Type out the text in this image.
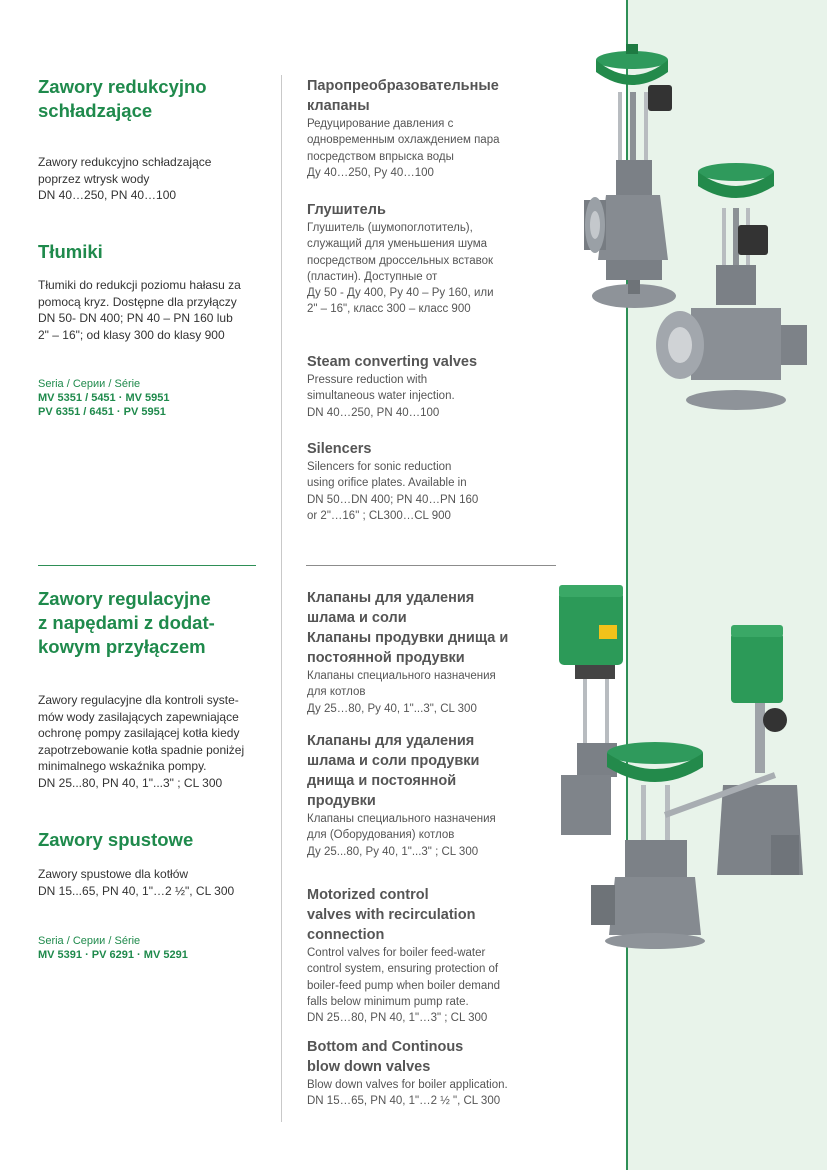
Zawory redukcyjno
schładzające

Zawory redukcyjno schładzające
poprzez wtrysk wody
DN 40…250, PN 40…100

Tłumiki

Tłumiki do redukcji poziomu hałasu za
pomocą kryz. Dostępne dla przyłączy
DN 50- DN 400; PN 40 – PN 160 lub
2" – 16"; od klasy 300 do klasy 900

Seria / Серии / Série

MV 5351 / 5451 · MV 5951
PV 6351 / 6451 · PV 5951

Zawory regulacyjne
z napędami z dodat-
kowym przyłączem

Zawory regulacyjne dla kontroli syste-
mów wody zasilających zapewniające
ochronę pompy zasilającej kotła kiedy
zapotrzebowanie kotła spadnie poniżej
minimalnego wskaźnika pompy.
DN 25...80, PN 40, 1"...3" ; CL 300

Zawory spustowe

Zawory spustowe dla kotłów
DN 15...65, PN 40, 1"…2 ½", CL 300

Seria / Серии / Série

MV 5391 · PV 6291 · MV 5291

Паропреобразовательные
клапаны

Редуцирование давления с
одновременным охлаждением пара
посредством впрыска воды
Ду 40…250, Ру 40…100

Глушитель

Глушитель (шумопоглотитель),
служащий для уменьшения шума
посредством дроссельных вставок
(пластин). Доступные от
Ду 50 - Ду 400, Ру 40 – Ру 160, или
2" – 16", класс 300 – класс 900

Steam converting valves

Pressure reduction with
simultaneous water injection.
DN 40…250, PN 40…100

Silencers

Silencers for sonic reduction
using orifice plates. Available in
DN 50…DN 400; PN 40…PN 160
or 2"…16" ; CL300…CL 900

Клапаны для удаления
шлама и соли
Клапаны продувки днища и
постоянной продувки

Клапаны специального назначения
для котлов
Ду 25…80, Ру 40, 1"...3", CL 300

Клапаны для удаления
шлама и соли продувки
днища и постоянной
продувки

Клапаны специального назначения
для (Оборудования) котлов
Ду 25...80, Ру 40, 1"...3" ; CL 300

Motorized control
valves with recirculation
connection

Control valves for boiler feed-water
control system, ensuring protection of
boiler-feed pump when boiler demand
falls below minimum pump rate.
DN 25…80, PN 40, 1"…3" ; CL 300

Bottom and Continous
blow down valves

Blow down valves for boiler application.
DN 15…65, PN 40, 1"…2 ½ ", CL 300
